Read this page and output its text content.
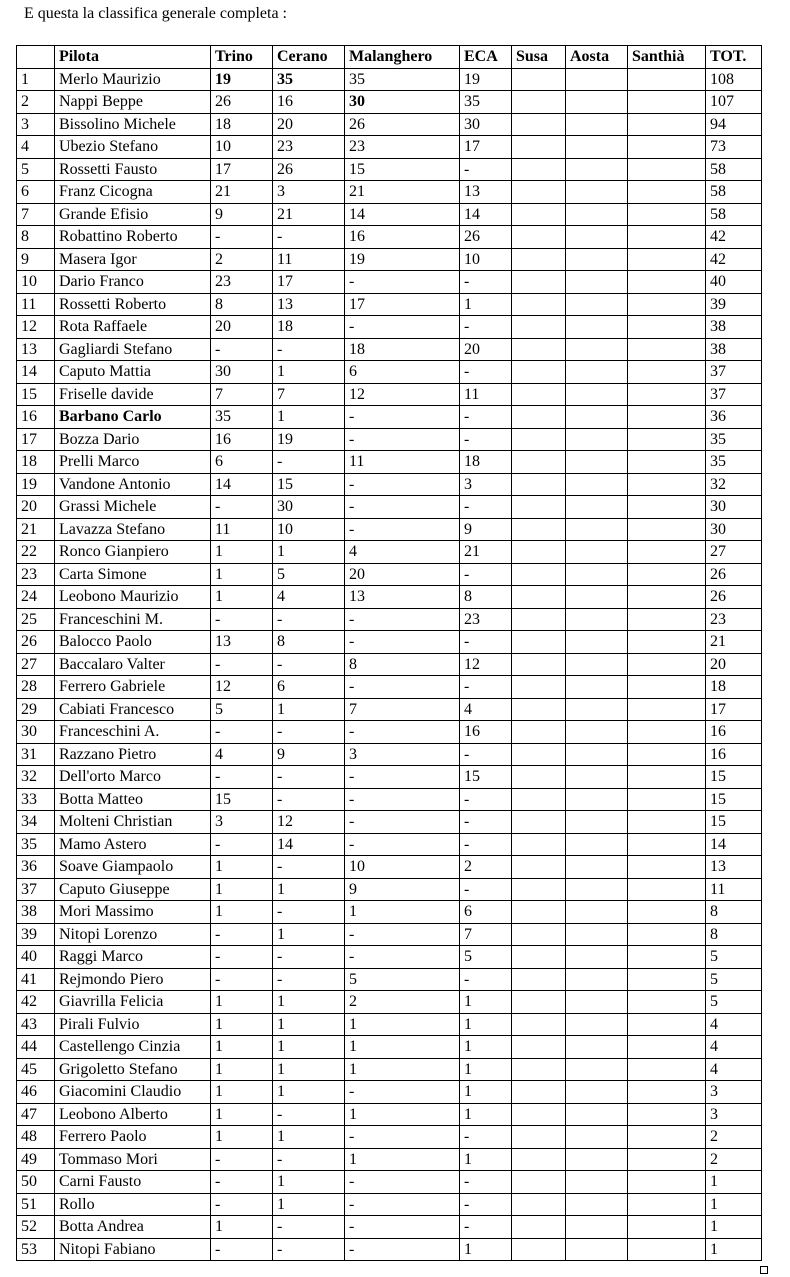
E questa la classifica generale completa :
	Pilota	Trino	Cerano	Malanghero	ECA	Susa	Aosta	Santhià	TOT.
1	Merlo Maurizio	19	35	35	19				108
2	Nappi Beppe	26	16	30	35				107
3	Bissolino Michele	18	20	26	30				94
4	Ubezio Stefano	10	23	23	17				73
5	Rossetti Fausto	17	26	15	-				58
6	Franz Cicogna	21	3	21	13				58
7	Grande Efisio	9	21	14	14				58
8	Robattino Roberto	-	-	16	26				42
9	Masera Igor	2	11	19	10				42
10	Dario Franco	23	17	-	-				40
11	Rossetti Roberto	8	13	17	1				39
12	Rota Raffaele	20	18	-	-				38
13	Gagliardi Stefano	-	-	18	20				38
14	Caputo Mattia	30	1	6	-				37
15	Friselle davide	7	7	12	11				37
16	Barbano Carlo	35	1	-	-				36
17	Bozza Dario	16	19	-	-				35
18	Prelli Marco	6	-	11	18				35
19	Vandone Antonio	14	15	-	3				32
20	Grassi Michele	-	30	-	-				30
21	Lavazza Stefano	11	10	-	9				30
22	Ronco Gianpiero	1	1	4	21				27
23	Carta Simone	1	5	20	-				26
24	Leobono Maurizio	1	4	13	8				26
25	Franceschini M.	-	-	-	23				23
26	Balocco Paolo	13	8	-	-				21
27	Baccalaro Valter	-	-	8	12				20
28	Ferrero Gabriele	12	6	-	-				18
29	Cabiati Francesco	5	1	7	4				17
30	Franceschini A.	-	-	-	16				16
31	Razzano Pietro	4	9	3	-				16
32	Dell'orto Marco	-	-	-	15				15
33	Botta Matteo	15	-	-	-				15
34	Molteni Christian	3	12	-	-				15
35	Mamo Astero	-	14	-	-				14
36	Soave Giampaolo	1	-	10	2				13
37	Caputo Giuseppe	1	1	9	-				11
38	Mori Massimo	1	-	1	6				8
39	Nitopi Lorenzo	-	1	-	7				8
40	Raggi Marco	-	-	-	5				5
41	Rejmondo Piero	-	-	5	-				5
42	Giavrilla Felicia	1	1	2	1				5
43	Pirali Fulvio	1	1	1	1				4
44	Castellengo Cinzia	1	1	1	1				4
45	Grigoletto Stefano	1	1	1	1				4
46	Giacomini Claudio	1	1	-	1				3
47	Leobono Alberto	1	-	1	1				3
48	Ferrero Paolo	1	1	-	-				2
49	Tommaso Mori	-	-	1	1				2
50	Carni Fausto	-	1	-	-				1
51	Rollo	-	1	-	-				1
52	Botta Andrea	1	-	-	-				1
53	Nitopi Fabiano	-	-	-	1				1
